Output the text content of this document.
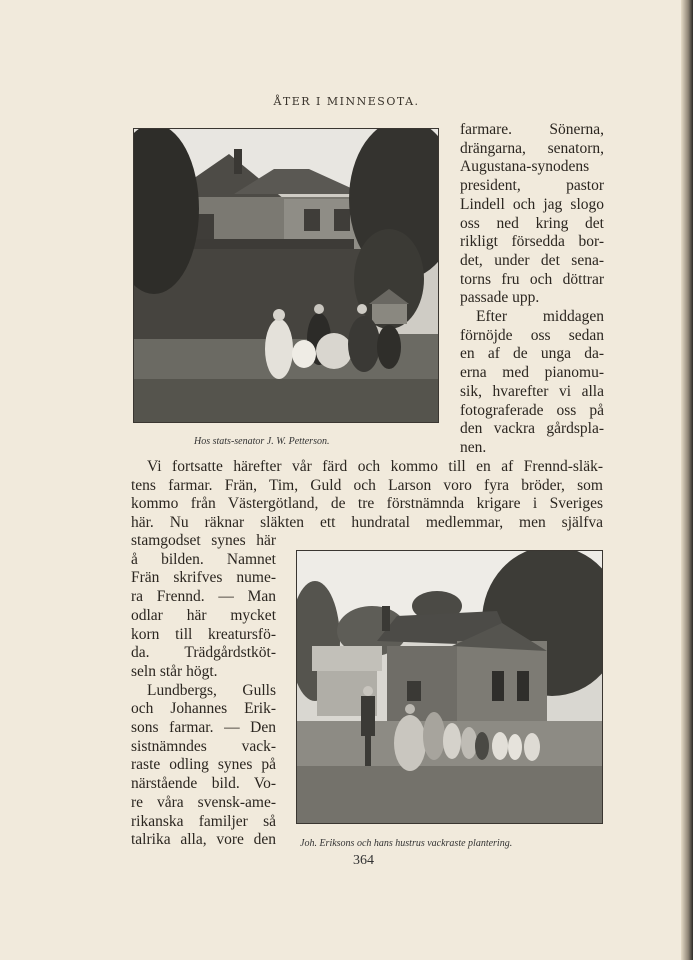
ÅTER I MINNESOTA.
Hos stats-senator J. W. Petterson.
farmare. Sönerna,
drängarna, senatorn,
Augustana-synodens
president, pastor
Lindell och jag slogo
oss ned kring det
rikligt försedda bor-
det, under det sena-
torns fru och döttrar
passade upp.
Efter middagen
förnöjde oss sedan
en af de unga da-
erna med pianomu-
sik, hvarefter vi alla
fotograferade oss på
den vackra gårdspla-
nen.
Vi fortsatte härefter vår färd och kommo till en af Frennd-släk-
tens farmar. Frän, Tim, Guld och Larson voro fyra bröder, som
kommo från Västergötland, de tre förstnämnda krigare i Sveriges
här. Nu räknar släkten ett hundratal medlemmar, men själfva
stamgodset synes här
å bilden. Namnet
Frän skrifves nume-
ra Frennd. — Man
odlar här mycket
korn till kreatursfö-
da. Trädgårdstköt-
seln står högt.
Lundbergs, Gulls
och Johannes Erik-
sons farmar. — Den
sistnämndes vack-
raste odling synes på
närstående bild. Vo-
re våra svensk-ame-
rikanska familjer så
talrika alla, vore den Joh. Eriksons och hans hustrus vackraste plantering.
364
